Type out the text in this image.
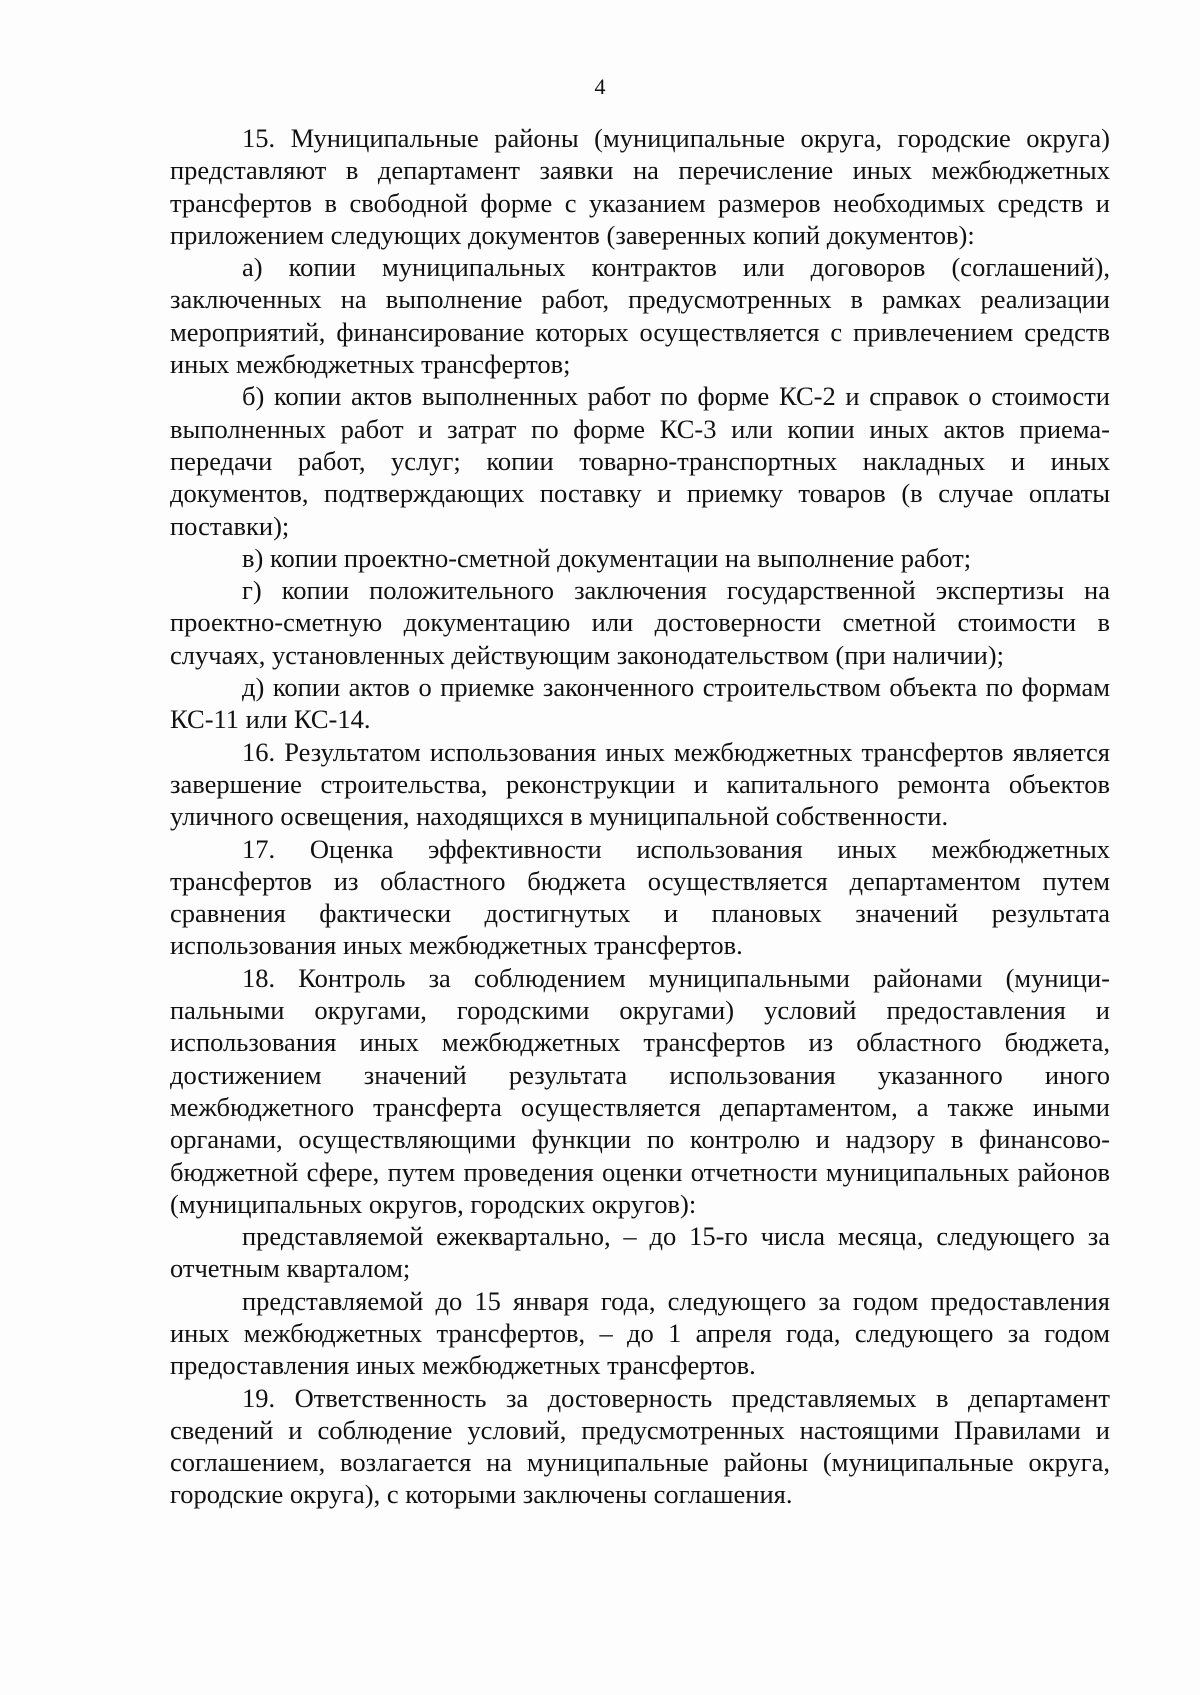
4

15. Муниципальные районы (муниципальные округа, городские округа) представляют в департамент заявки на перечисление иных межбюджетных трансфертов в свободной форме с указанием размеров необходимых средств и приложением следующих документов (заверенных копий документов):

а) копии муниципальных контрактов или договоров (соглашений), заключенных на выполнение работ, предусмотренных в рамках реализации мероприятий, финансирование которых осуществляется с привлечением средств иных межбюджетных трансфертов;

б) копии актов выполненных работ по форме КС-2 и справок о стоимости выполненных работ и затрат по форме КС-3 или копии иных актов приема-передачи работ, услуг; копии товарно-транспортных накладных и иных документов, подтверждающих поставку и приемку товаров (в случае оплаты поставки);

в) копии проектно-сметной документации на выполнение работ;

г) копии положительного заключения государственной экспертизы на проектно-сметную документацию или достоверности сметной стоимости в случаях, установленных действующим законодательством (при наличии);

д) копии актов о приемке законченного строительством объекта по формам КС-11 или КС-14.

16. Результатом использования иных межбюджетных трансфертов является завершение строительства, реконструкции и капитального ремонта объектов уличного освещения, находящихся в муниципальной собственности.

17. Оценка эффективности использования иных межбюджетных трансфертов из областного бюджета осуществляется департаментом путем сравнения фактически достигнутых и плановых значений результата использования иных межбюджетных трансфертов.

18. Контроль за соблюдением муниципальными районами (муниципальными округами, городскими округами) условий предоставления и использования иных межбюджетных трансфертов из областного бюджета, достижением значений результата использования указанного иного межбюджетного трансферта осуществляется департаментом, а также иными органами, осуществляющими функции по контролю и надзору в финансово-бюджетной сфере, путем проведения оценки отчетности муниципальных районов (муниципальных округов, городских округов):

представляемой ежеквартально, – до 15-го числа месяца, следующего за отчетным кварталом;

представляемой до 15 января года, следующего за годом предоставления иных межбюджетных трансфертов, – до 1 апреля года, следующего за годом предоставления иных межбюджетных трансфертов.

19. Ответственность за достоверность представляемых в департамент сведений и соблюдение условий, предусмотренных настоящими Правилами и соглашением, возлагается на муниципальные районы (муниципальные округа, городские округа), с которыми заключены соглашения.
